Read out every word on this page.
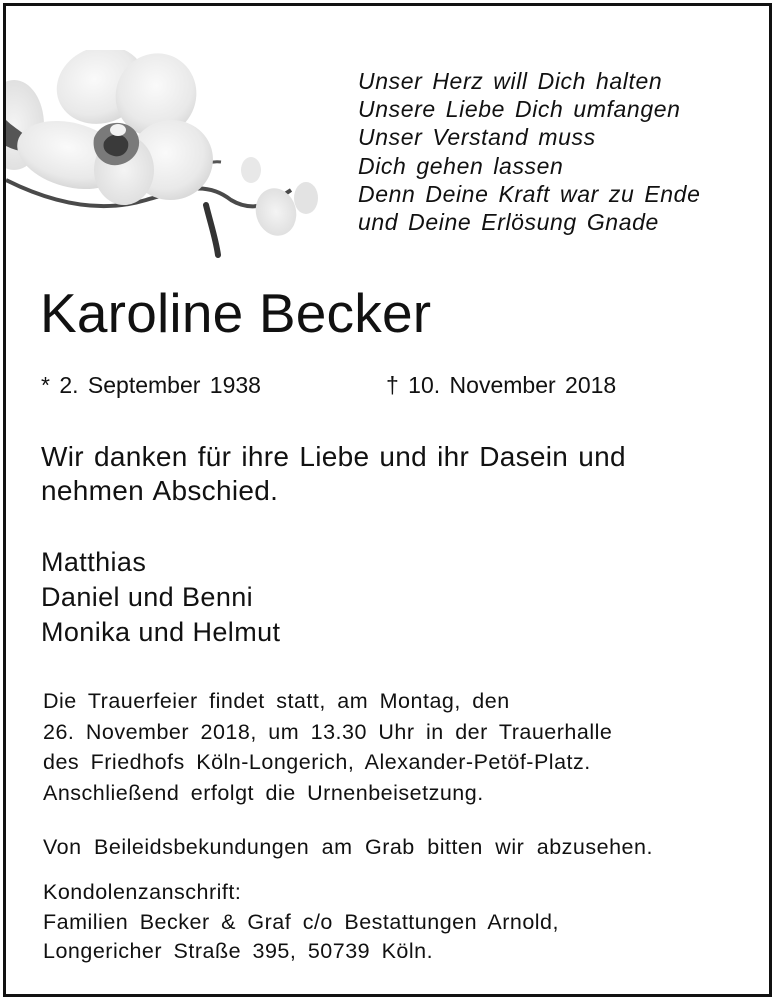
Unser Herz will Dich halten
Unsere Liebe Dich umfangen
Unser Verstand muss
Dich gehen lassen
Denn Deine Kraft war zu Ende
und Deine Erlösung Gnade
Karoline Becker
* 2. September 1938	† 10. November 2018
Wir danken für ihre Liebe und ihr Dasein und
nehmen Abschied.
Matthias
Daniel und Benni
Monika und Helmut
Die Trauerfeier findet statt, am Montag, den
26. November 2018, um 13.30 Uhr in der Trauerhalle
des Friedhofs Köln-Longerich, Alexander-Petöf-Platz.
Anschließend erfolgt die Urnenbeisetzung.
Von Beileidsbekundungen am Grab bitten wir abzusehen.
Kondolenzanschrift:
Familien Becker & Graf c/o Bestattungen Arnold,
Longericher Straße 395, 50739 Köln.
